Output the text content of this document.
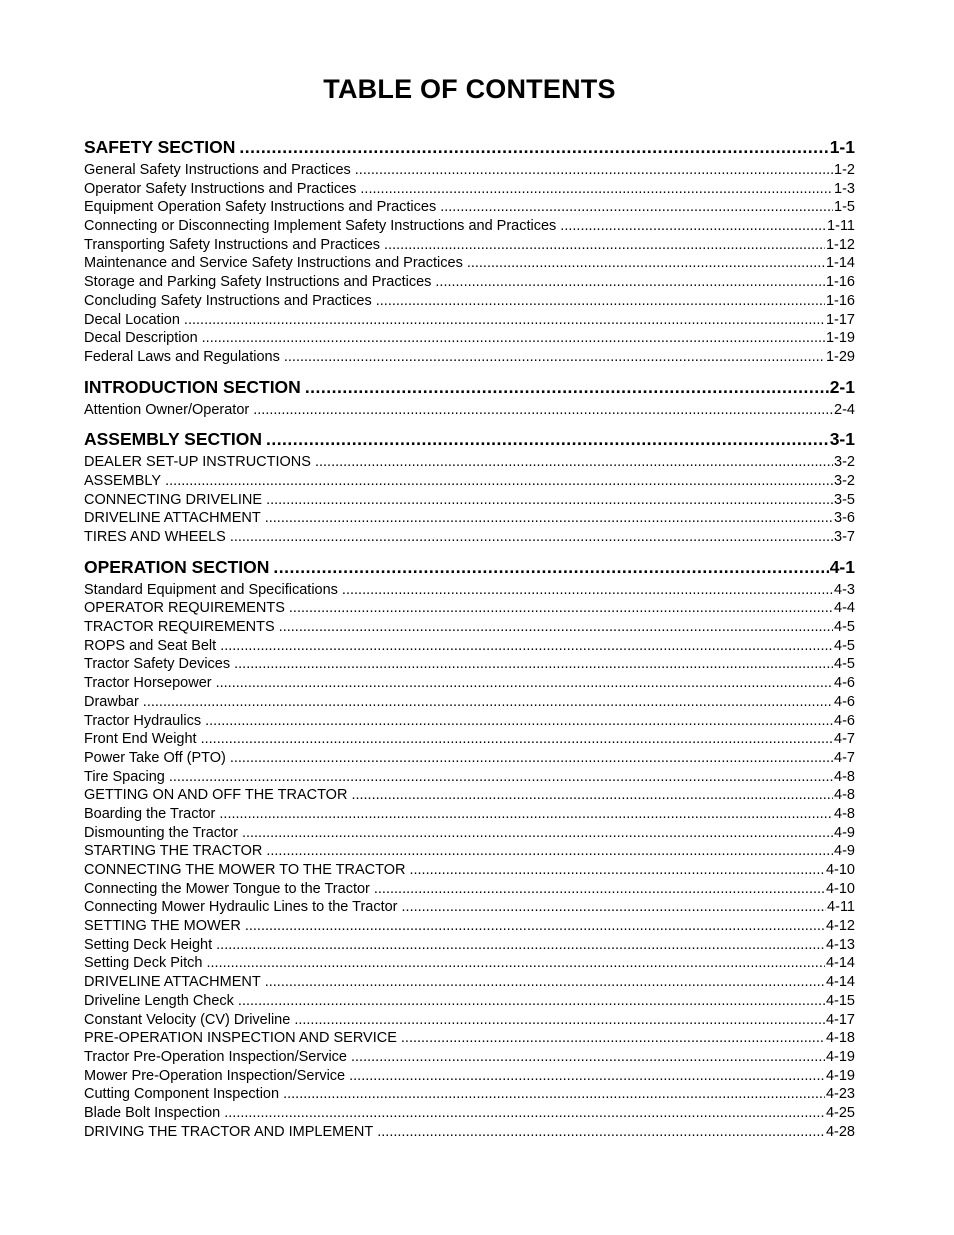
TABLE OF CONTENTS
SAFETY SECTION .....	1-1
General Safety Instructions and Practices .....	1-2
Operator Safety Instructions and Practices .....	1-3
Equipment Operation Safety Instructions and Practices .....	1-5
Connecting or Disconnecting Implement Safety Instructions and Practices .....	1-11
Transporting Safety Instructions and Practices .....	1-12
Maintenance and Service Safety Instructions and Practices .....	1-14
Storage and Parking Safety Instructions and Practices .....	1-16
Concluding Safety Instructions and Practices .....	1-16
Decal Location .....	1-17
Decal Description .....	1-19
Federal Laws and Regulations .....	1-29
INTRODUCTION SECTION .....	2-1
Attention Owner/Operator .....	2-4
ASSEMBLY SECTION .....	3-1
DEALER SET-UP INSTRUCTIONS .....	3-2
ASSEMBLY .....	3-2
CONNECTING DRIVELINE .....	3-5
DRIVELINE ATTACHMENT .....	3-6
TIRES AND WHEELS .....	3-7
OPERATION SECTION .....	4-1
Standard Equipment and Specifications .....	4-3
OPERATOR REQUIREMENTS .....	4-4
TRACTOR REQUIREMENTS .....	4-5
ROPS and Seat Belt .....	4-5
Tractor Safety Devices .....	4-5
Tractor Horsepower .....	4-6
Drawbar .....	4-6
Tractor Hydraulics .....	4-6
Front End Weight .....	4-7
Power Take Off (PTO) .....	4-7
Tire Spacing .....	4-8
GETTING ON AND OFF THE TRACTOR .....	4-8
Boarding the Tractor .....	4-8
Dismounting the Tractor .....	4-9
STARTING THE TRACTOR .....	4-9
CONNECTING THE MOWER TO THE TRACTOR .....	4-10
Connecting the Mower Tongue to the Tractor .....	4-10
Connecting Mower Hydraulic Lines to the Tractor .....	4-11
SETTING THE MOWER .....	4-12
Setting Deck Height .....	4-13
Setting Deck Pitch .....	4-14
DRIVELINE ATTACHMENT .....	4-14
Driveline Length Check .....	4-15
Constant Velocity (CV) Driveline .....	4-17
PRE-OPERATION INSPECTION AND SERVICE .....	4-18
Tractor Pre-Operation Inspection/Service .....	4-19
Mower Pre-Operation Inspection/Service .....	4-19
Cutting Component Inspection .....	4-23
Blade Bolt Inspection .....	4-25
DRIVING THE TRACTOR AND IMPLEMENT .....	4-28
